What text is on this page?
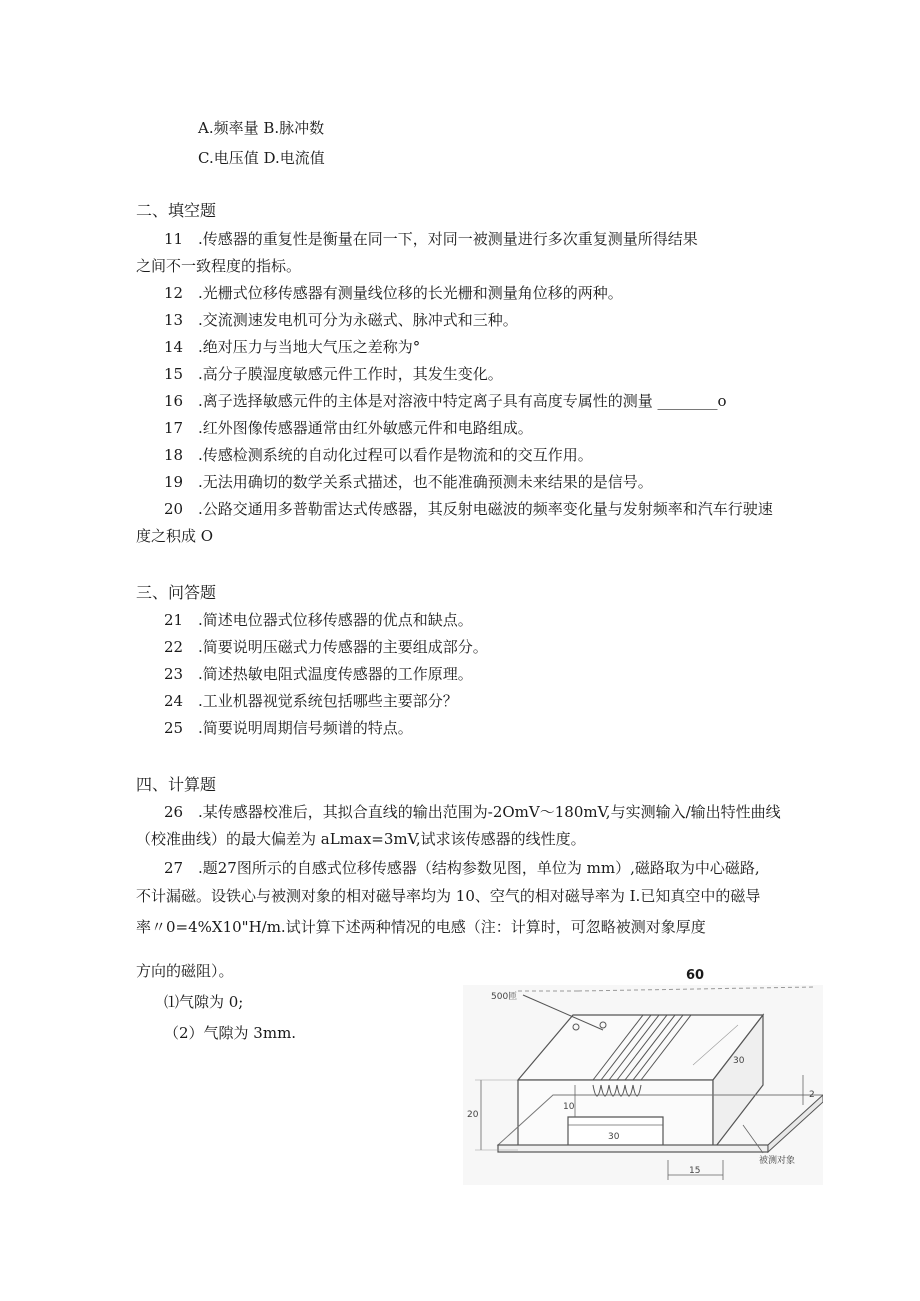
A.频率量 B.脉冲数
C.电压值 D.电流值
二、填空题
11 .传感器的重复性是衡量在同一下，对同一被测量进行多次重复测量所得结果
之间不一致程度的指标。
12 .光栅式位移传感器有测量线位移的长光栅和测量角位移的两种。
13 .交流测速发电机可分为永磁式、脉冲式和三种。
14 .绝对压力与当地大气压之差称为°
15 .高分子膜湿度敏感元件工作时，其发生变化。
16 .离子选择敏感元件的主体是对溶液中特定离子具有高度专属性的测量 ________o
17 .红外图像传感器通常由红外敏感元件和电路组成。
18 .传感检测系统的自动化过程可以看作是物流和的交互作用。
19 .无法用确切的数学关系式描述，也不能准确预测未来结果的是信号。
20 .公路交通用多普勒雷达式传感器，其反射电磁波的频率变化量与发射频率和汽车行驶速
度之积成 O
三、问答题
21 .简述电位器式位移传感器的优点和缺点。
22 .简要说明压磁式力传感器的主要组成部分。
23 .简述热敏电阻式温度传感器的工作原理。
24 .工业机器视觉系统包括哪些主要部分？
25 .简要说明周期信号频谱的特点。
四、计算题
26 .某传感器校准后，其拟合直线的输出范围为-2OmV～180mV,与实测输入/输出特性曲线
（校准曲线）的最大偏差为 aLmax=3mV,试求该传感器的线性度。
27 .题27图所示的自感式位移传感器（结构参数见图，单位为 mm）,磁路取为中心磁路,
不计漏磁。设铁心与被测对象的相对磁导率均为 10、空气的相对磁导率为 I.已知真空中的磁导
率〃0=4%X10"H/m.试计算下述两种情况的电感（注：计算时，可忽略被测对象厚度
方向的磁阻）。
⑴气隙为 0;
（2）气隙为 3mm.
60
500匝
20
10
30
30
2
15
被测对象
